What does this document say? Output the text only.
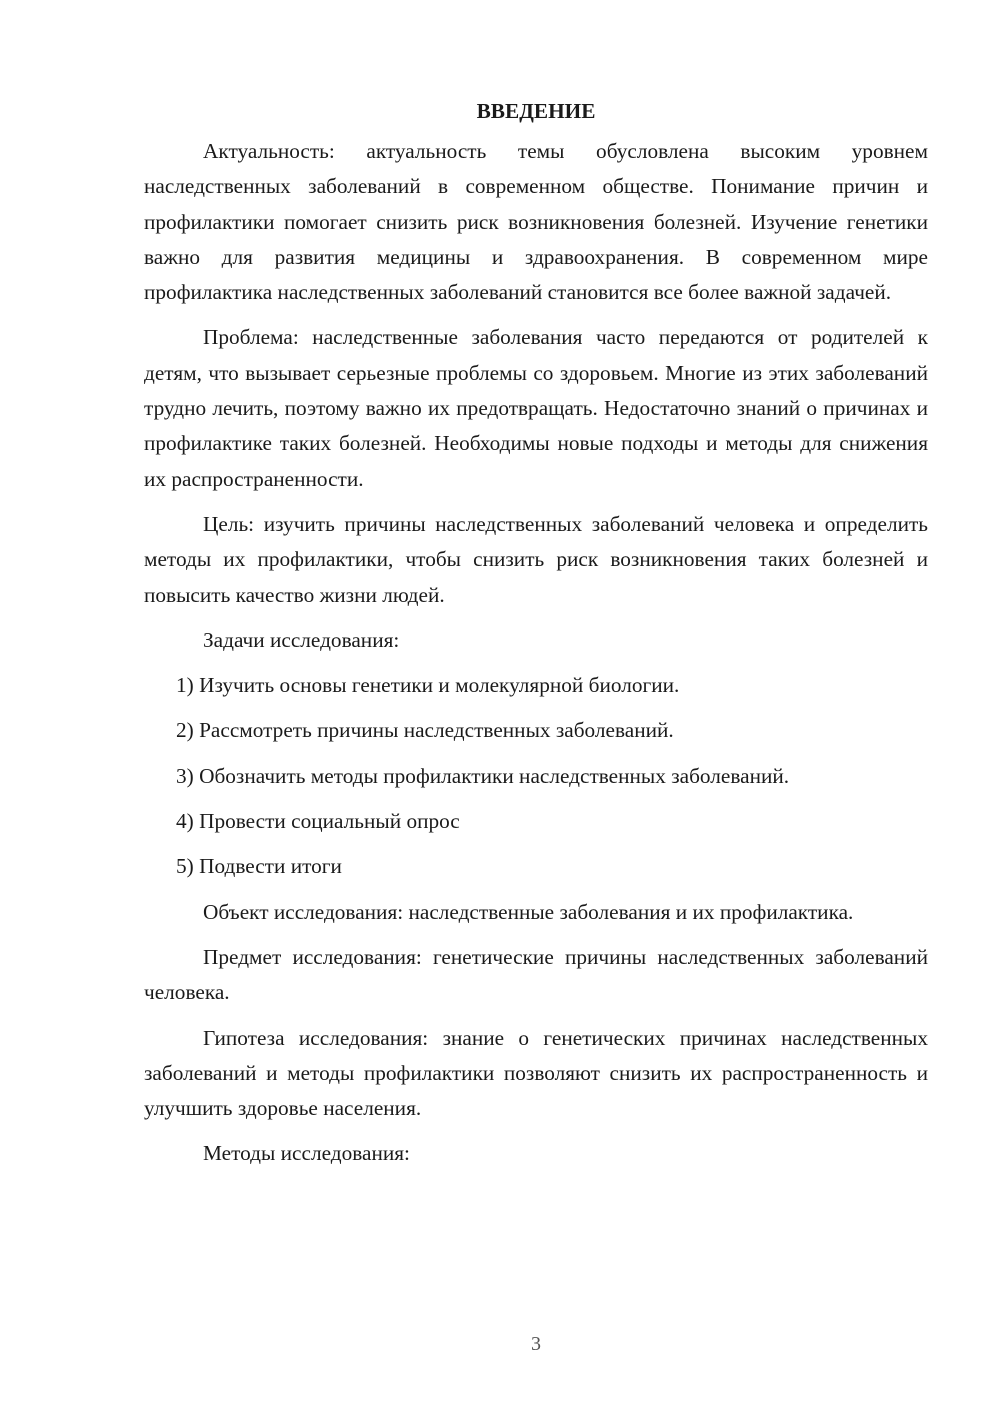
ВВЕДЕНИЕ

Актуальность: актуальность темы обусловлена высоким уровнем наследственных заболеваний в современном обществе. Понимание причин и профилактики помогает снизить риск возникновения болезней. Изучение генетики важно для развития медицины и здравоохранения. В современном мире профилактика наследственных заболеваний становится все более важной задачей.

Проблема: наследственные заболевания часто передаются от родителей к детям, что вызывает серьезные проблемы со здоровьем. Многие из этих заболеваний трудно лечить, поэтому важно их предотвращать. Недостаточно знаний о причинах и профилактике таких болезней. Необходимы новые подходы и методы для снижения их распространенности.

Цель: изучить причины наследственных заболеваний человека и определить методы их профилактики, чтобы снизить риск возникновения таких болезней и повысить качество жизни людей.

Задачи исследования:

1) Изучить основы генетики и молекулярной биологии.

2) Рассмотреть причины наследственных заболеваний.

3) Обозначить методы профилактики наследственных заболеваний.

4) Провести социальный опрос

5) Подвести итоги

Объект исследования: наследственные заболевания и их профилактика.

Предмет исследования: генетические причины наследственных заболеваний человека.

Гипотеза исследования: знание о генетических причинах наследственных заболеваний и методы профилактики позволяют снизить их распространенность и улучшить здоровье населения.

Методы исследования:

3
